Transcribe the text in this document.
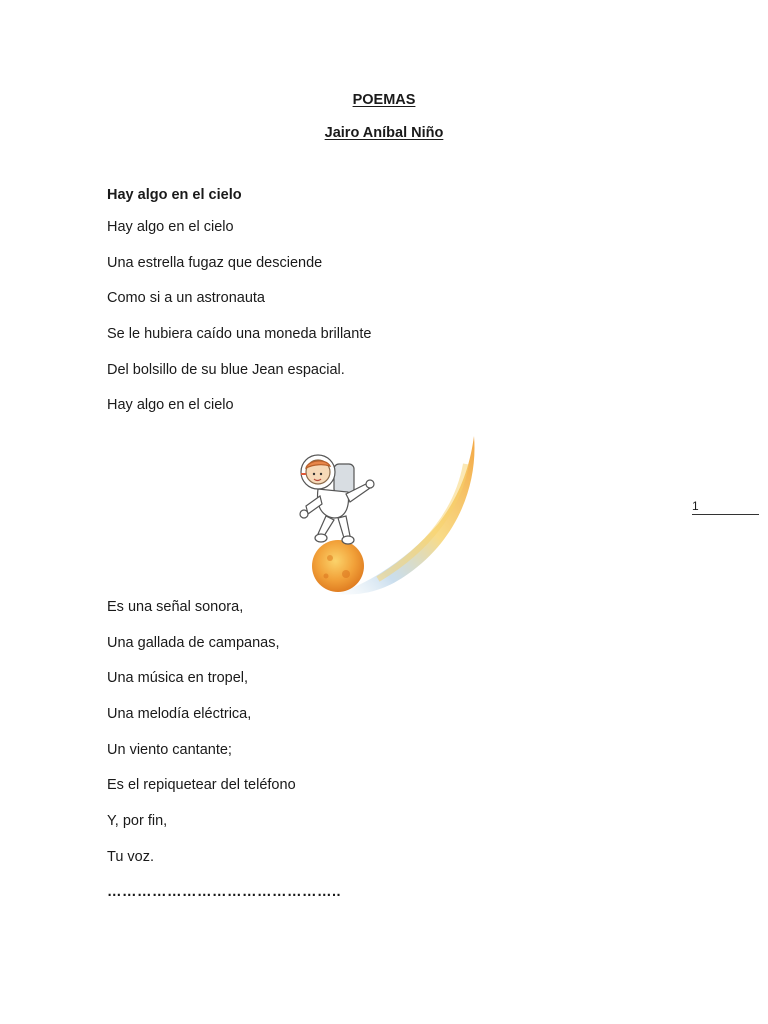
POEMAS
Jairo Aníbal Niño
Hay algo en el cielo
Hay algo en el cielo
Una estrella fugaz que desciende
Como si a un astronauta
Se le hubiera caído una moneda brillante
Del bolsillo de su blue Jean espacial.
Hay algo en el cielo
Es una señal sonora,
Una gallada de campanas,
Una música en tropel,
Una melodía eléctrica,
Un viento cantante;
Es el repiquetear del teléfono
Y, por fin,
Tu voz.
………………………………………..
1
